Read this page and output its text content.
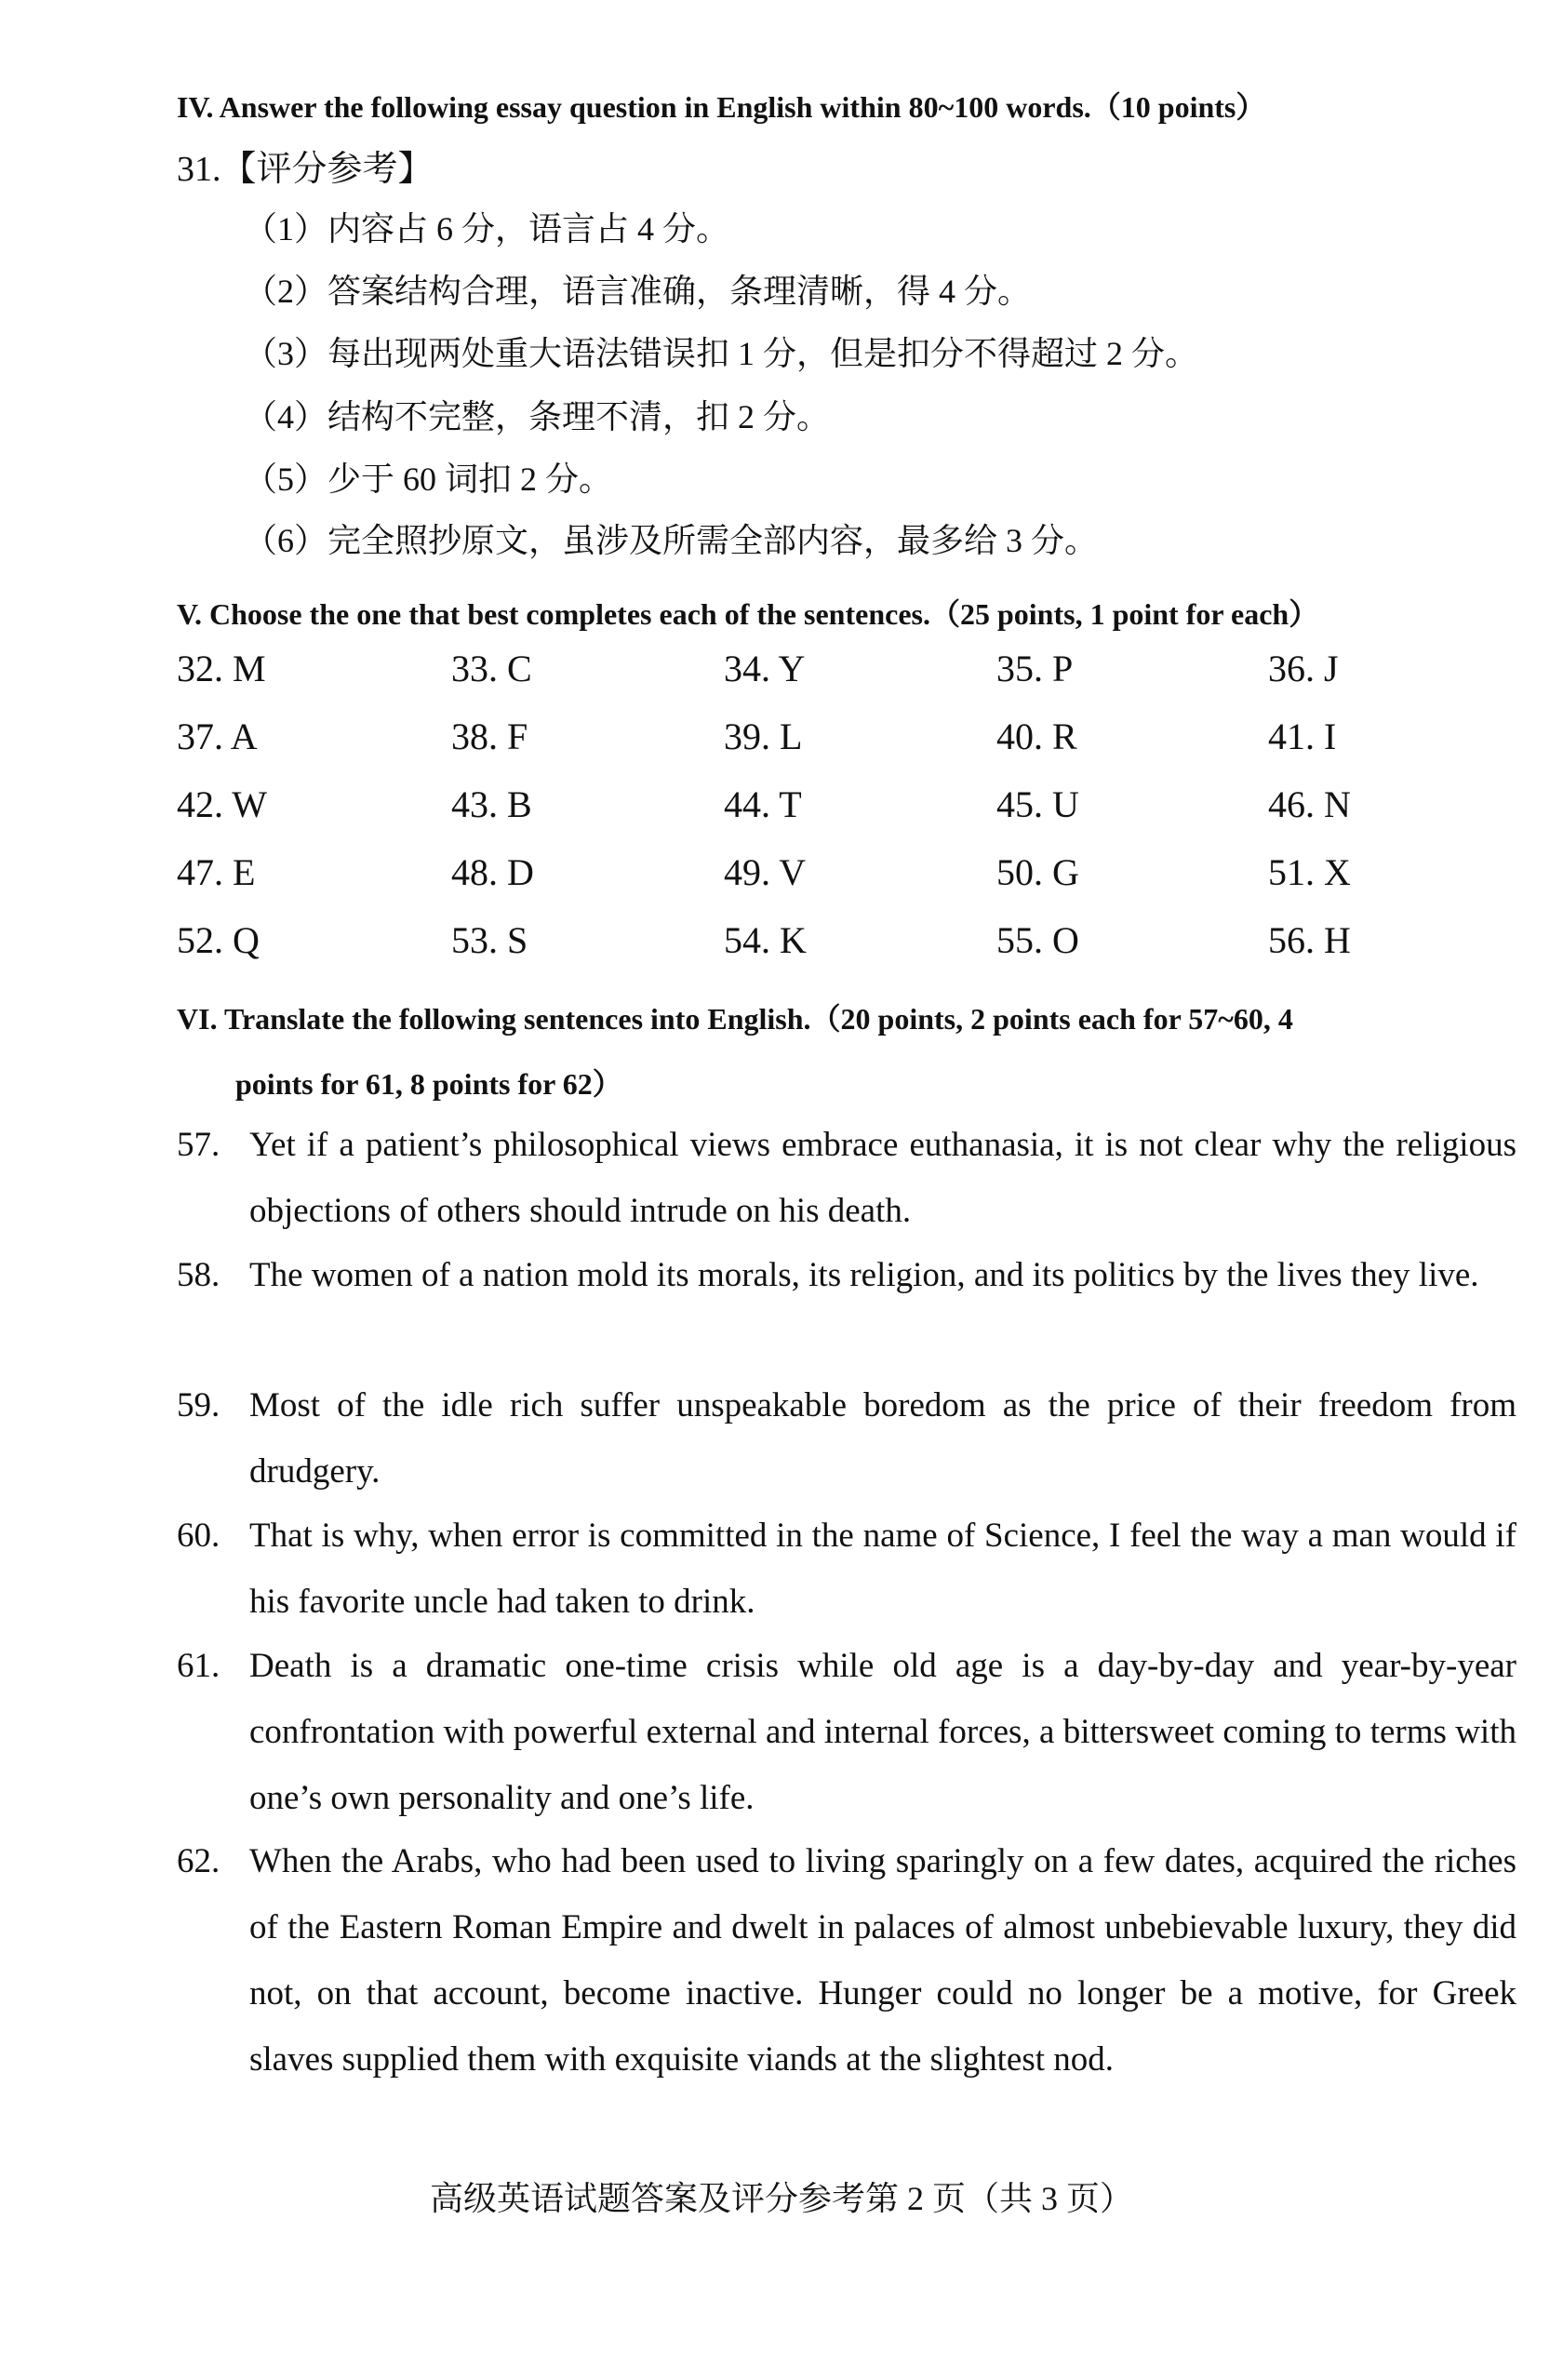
IV. Answer the following essay question in English within 80~100 words.（10 points）
31.【评分参考】
（1）内容占 6 分，语言占 4 分。
（2）答案结构合理，语言准确，条理清晰，得 4 分。
（3）每出现两处重大语法错误扣 1 分，但是扣分不得超过 2 分。
（4）结构不完整，条理不清，扣 2 分。
（5）少于 60 词扣 2 分。
（6）完全照抄原文，虽涉及所需全部内容，最多给 3 分。
V. Choose the one that best completes each of the sentences.（25 points, 1 point for each）
32. M	33. C	34. Y	35. P	36. J
37. A	38. F	39. L	40. R	41. I
42. W	43. B	44. T	45. U	46. N
47. E	48. D	49. V	50. G	51. X
52. Q	53. S	54. K	55. O	56. H
VI. Translate the following sentences into English.（20 points, 2 points each for 57~60, 4
points for 61, 8 points for 62）
57. Yet if a patient’s philosophical views embrace euthanasia, it is not clear why the religious objections of others should intrude on his death.
58. The women of a nation mold its morals, its religion, and its politics by the lives they live.
59. Most of the idle rich suffer unspeakable boredom as the price of their freedom from drudgery.
60. That is why, when error is committed in the name of Science, I feel the way a man would if his favorite uncle had taken to drink.
61. Death is a dramatic one-time crisis while old age is a day-by-day and year-by-year confrontation with powerful external and internal forces, a bittersweet coming to terms with one’s own personality and one’s life.
62. When the Arabs, who had been used to living sparingly on a few dates, acquired the riches of the Eastern Roman Empire and dwelt in palaces of almost unbebievable luxury, they did not, on that account, become inactive. Hunger could no longer be a motive, for Greek slaves supplied them with exquisite viands at the slightest nod.
高级英语试题答案及评分参考第 2 页（共 3 页）
